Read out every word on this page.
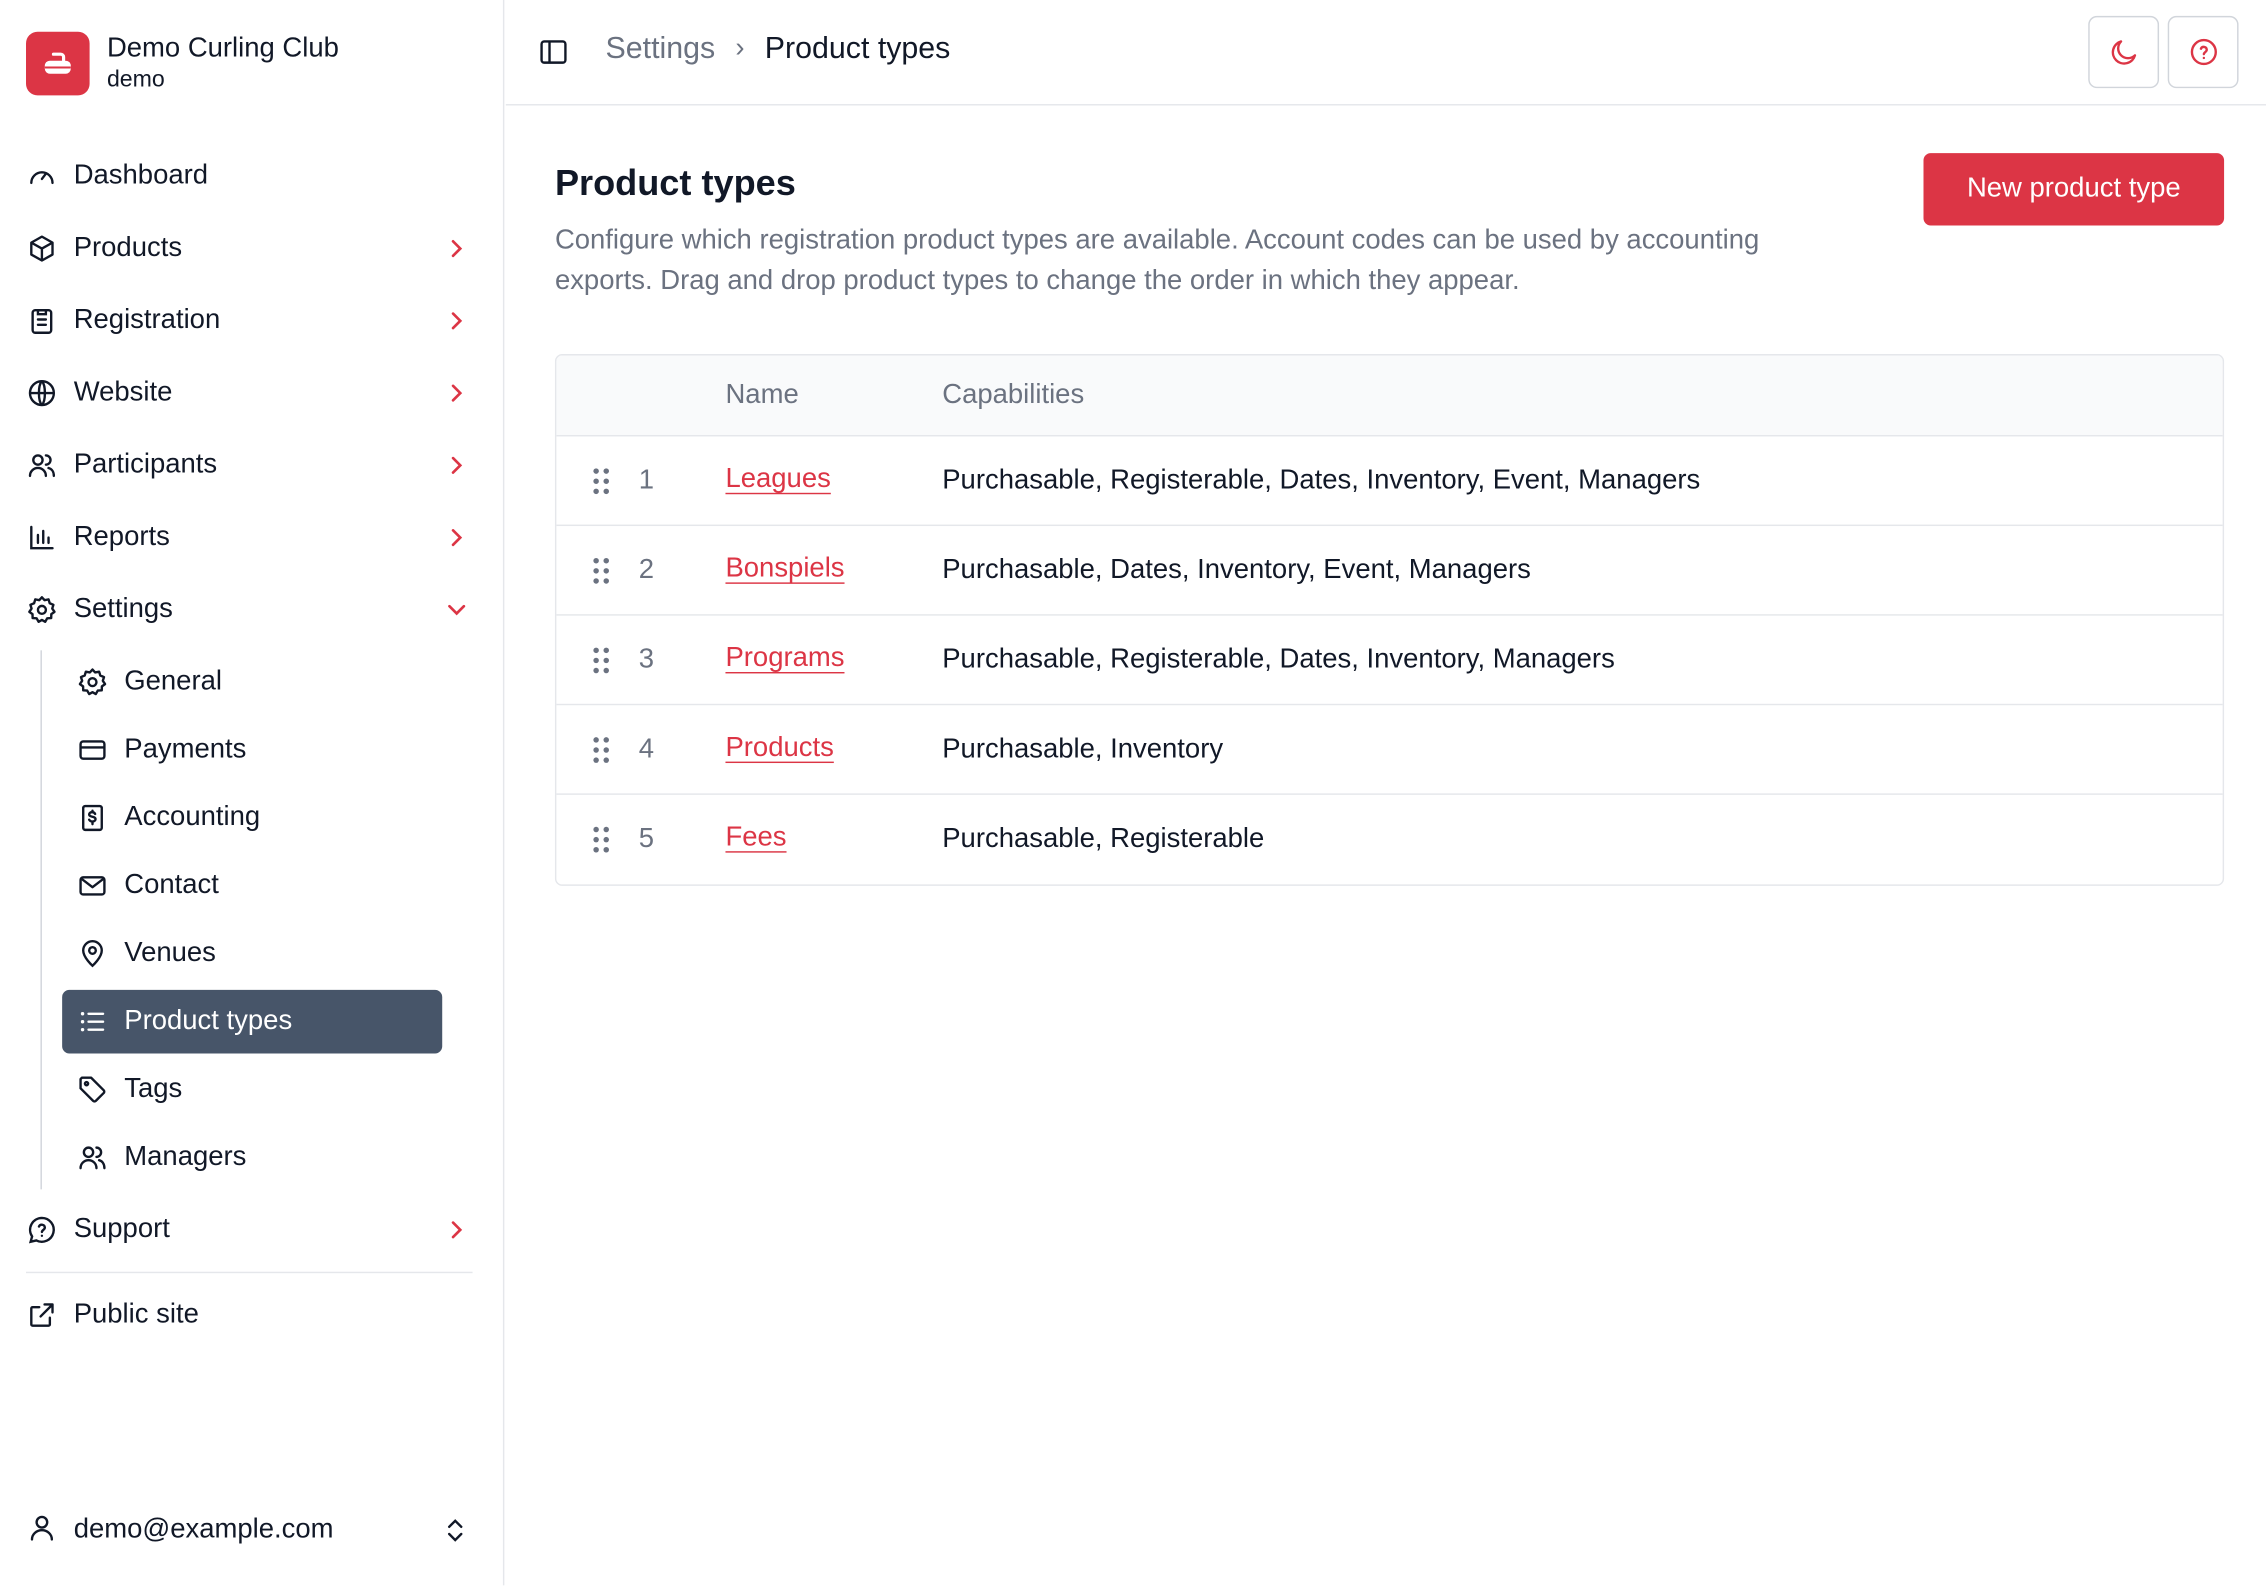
Demo Curling Club
demo
Dashboard
Products
Registration
Website
Participants
Reports
Settings
General
Payments
Accounting
Contact
Venues
Product types
Tags
Managers
Support
Public site
demo@example.com
Settings › Product types
Product types

Configure which registration product types are available. Account codes can be used by accounting exports. Drag and drop product types to change the order in which they appear.

New product type
Name	Capabilities
1	Leagues	Purchasable, Registerable, Dates, Inventory, Event, Managers
2	Bonspiels	Purchasable, Dates, Inventory, Event, Managers
3	Programs	Purchasable, Registerable, Dates, Inventory, Managers
4	Products	Purchasable, Inventory
5	Fees	Purchasable, Registerable
